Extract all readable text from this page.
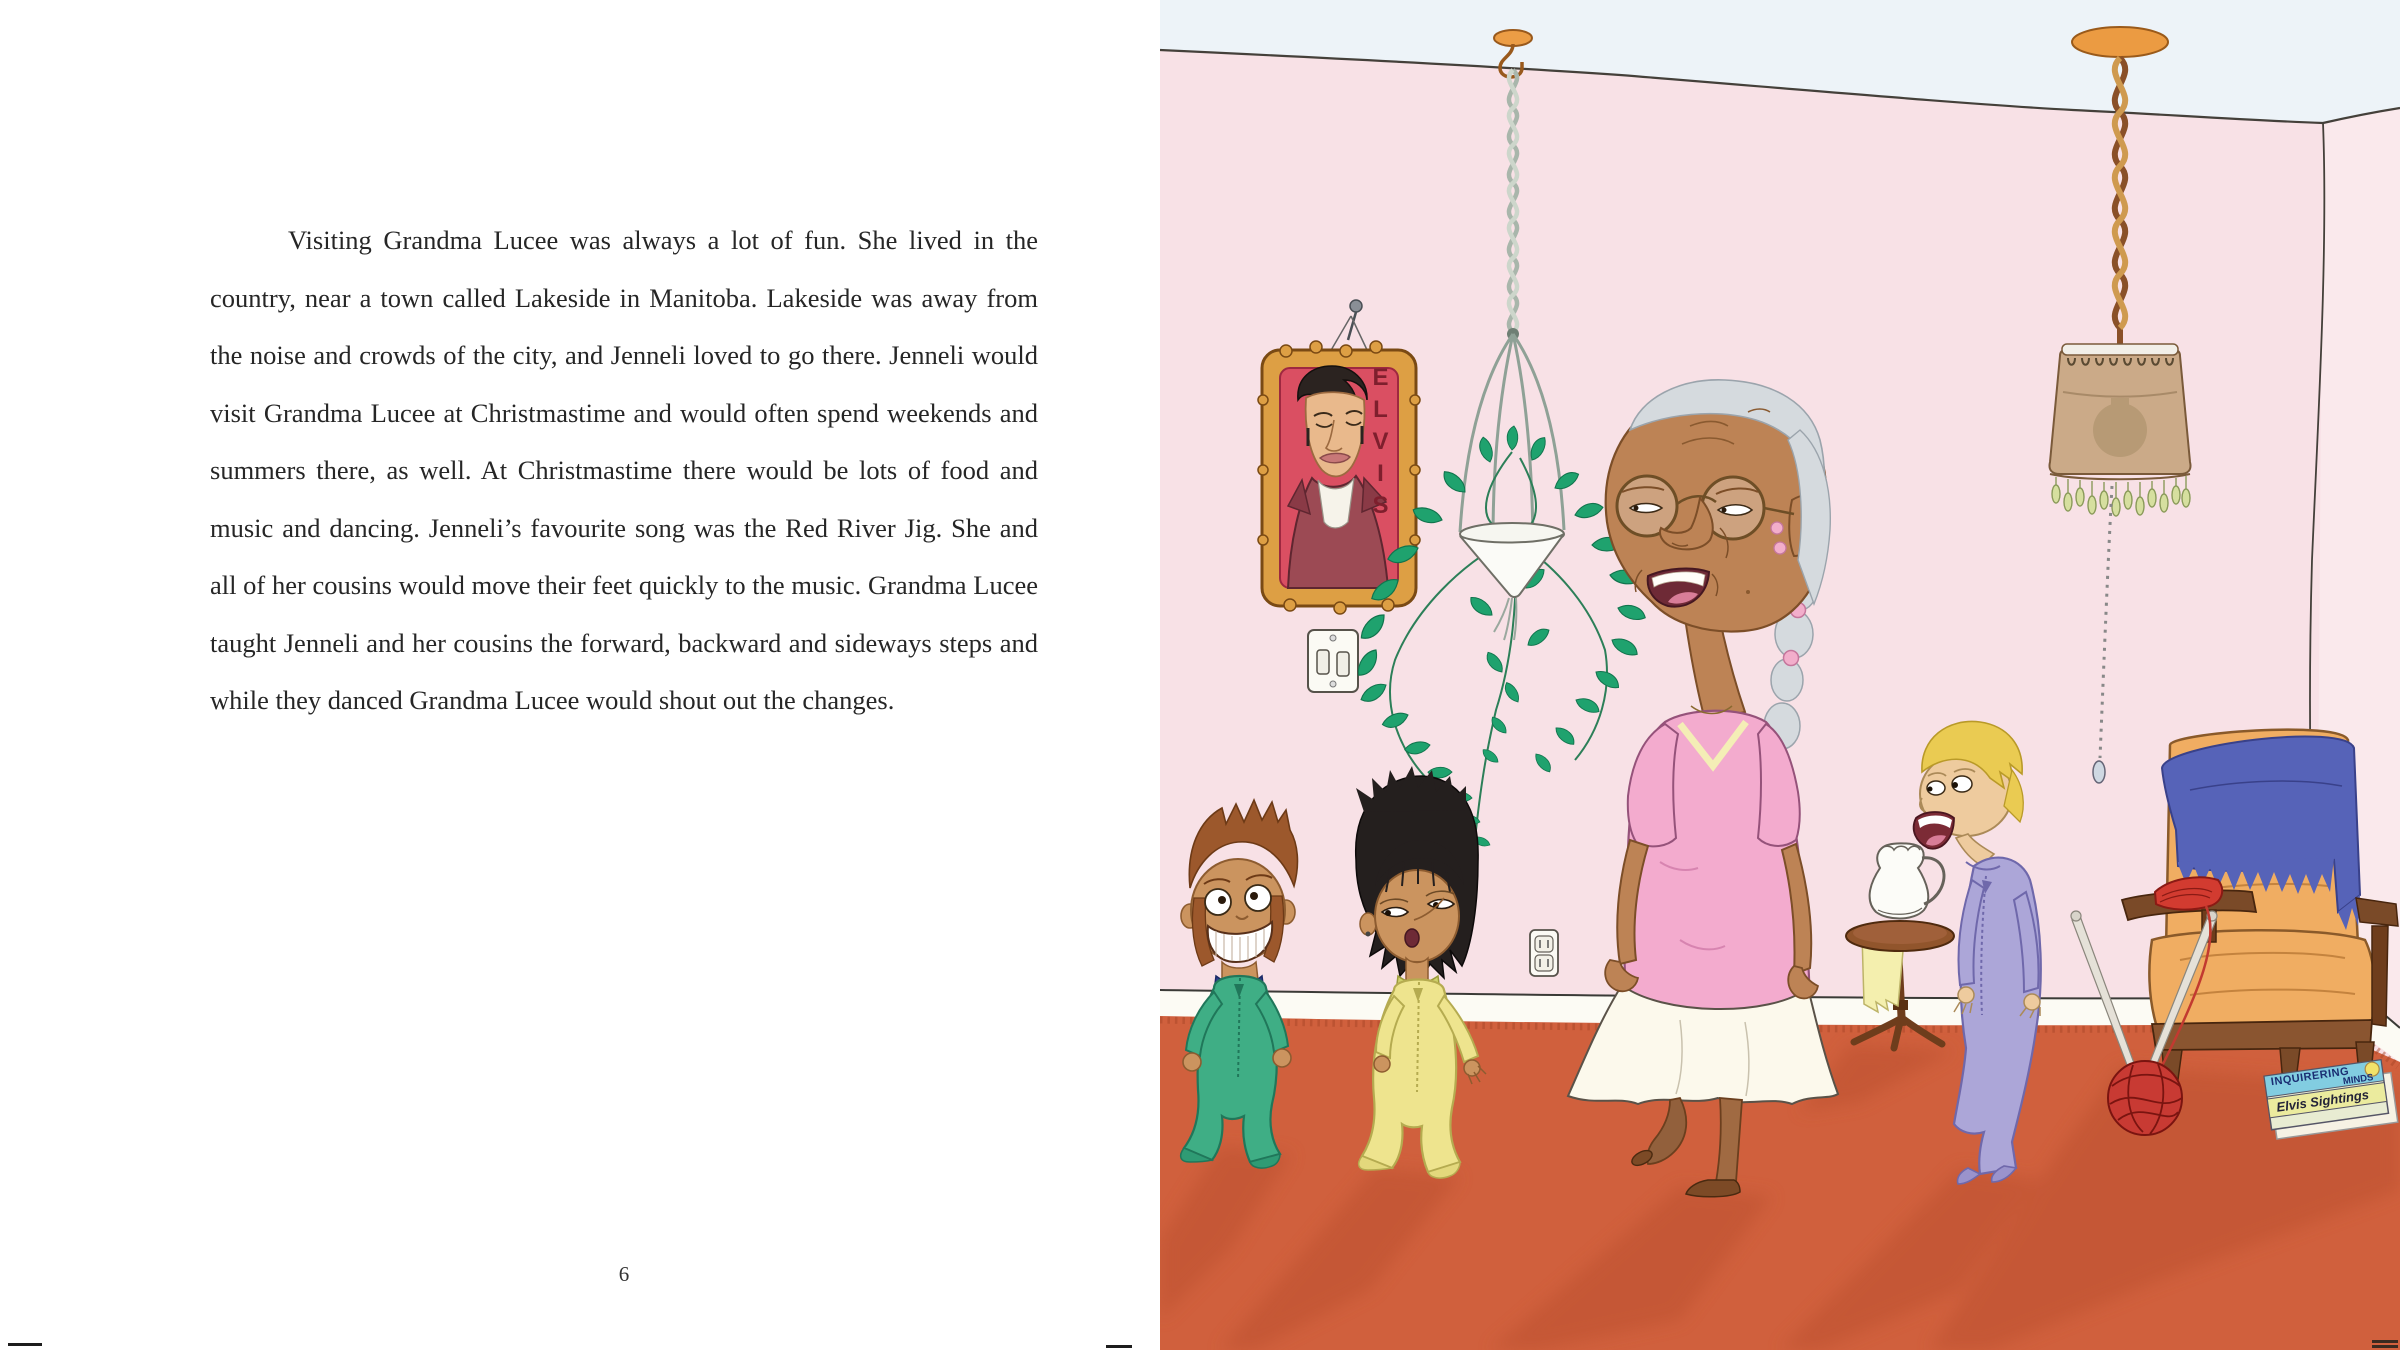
Visiting Grandma Lucee was always a lot of fun. She lived in the country, near a town called Lakeside in Manitoba. Lakeside was away from the noise and crowds of the city, and Jenneli loved to go there. Jenneli would visit Grandma Lucee at Christmastime and would often spend weekends and summers there, as well. At Christmastime there would be lots of food and music and dancing. Jenneli’s favourite song was the Red River Jig. She and all of her cousins would move their feet quickly to the music. Grandma Lucee taught Jenneli and her cousins the forward, backward and sideways steps and while they danced Grandma Lucee would shout out the changes.
6
ELVIS
INQUIRERING
MINDS
Elvis Sightings
